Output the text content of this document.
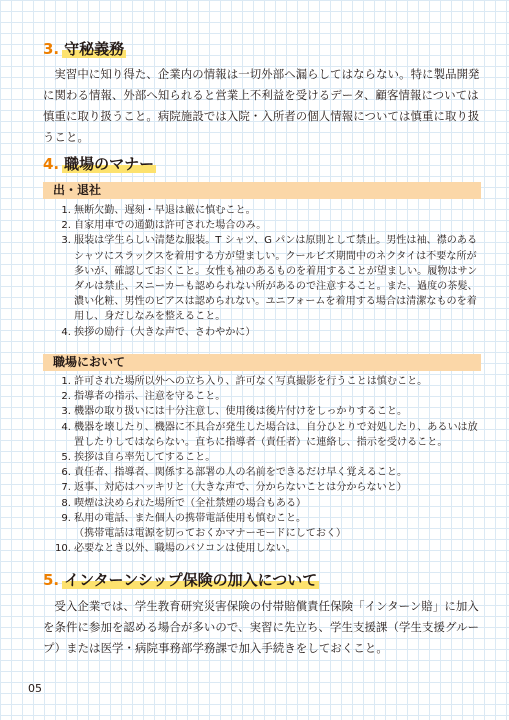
3. 守秘義務
実習中に知り得た、企業内の情報は一切外部へ漏らしてはならない。特に製品開発に関わる情報、外部へ知られると営業上不利益を受けるデータ、顧客情報については慎重に取り扱うこと。病院施設では入院・入所者の個人情報については慎重に取り扱うこと。
4. 職場のマナー
出・退社
1. 無断欠勤、遅刻・早退は厳に慎むこと。
2. 自家用車での通勤は許可された場合のみ。
3. 服装は学生らしい清楚な服装。T シャツ、G パンは原則として禁止。男性は袖、襟のあるシャツにスラックスを着用する方が望ましい。クールビズ期間中のネクタイは不要な所が多いが、確認しておくこと。女性も袖のあるものを着用することが望ましい。履物はサンダルは禁止、スニーカーも認められない所があるので注意すること。また、過度の茶髪、濃い化粧、男性のピアスは認められない。ユニフォームを着用する場合は清潔なものを着用し、身だしなみを整えること。
4. 挨拶の励行（大きな声で、さわやかに）
職場において
1. 許可された場所以外への立ち入り、許可なく写真撮影を行うことは慎むこと。
2. 指導者の指示、注意を守ること。
3. 機器の取り扱いには十分注意し、使用後は後片付けをしっかりすること。
4. 機器を壊したり、機器に不具合が発生した場合は、自分ひとりで対処したり、あるいは放置したりしてはならない。直ちに指導者（責任者）に連絡し、指示を受けること。
5. 挨拶は自ら率先してすること。
6. 責任者、指導者、関係する部署の人の名前をできるだけ早く覚えること。
7. 返事、対応はハッキリと（大きな声で、分からないことは分からないと）
8. 喫煙は決められた場所で（全社禁煙の場合もある）
9. 私用の電話、また個人の携帯電話使用も慎むこと。
（携帯電話は電源を切っておくかマナーモードにしておく）
10. 必要なとき以外、職場のパソコンは使用しない。
5. インターンシップ保険の加入について
受入企業では、学生教育研究災害保険の付帯賠償責任保険「インターン賠」に加入を条件に参加を認める場合が多いので、実習に先立ち、学生支援課（学生支援グループ）または医学・病院事務部学務課で加入手続きをしておくこと。
05
